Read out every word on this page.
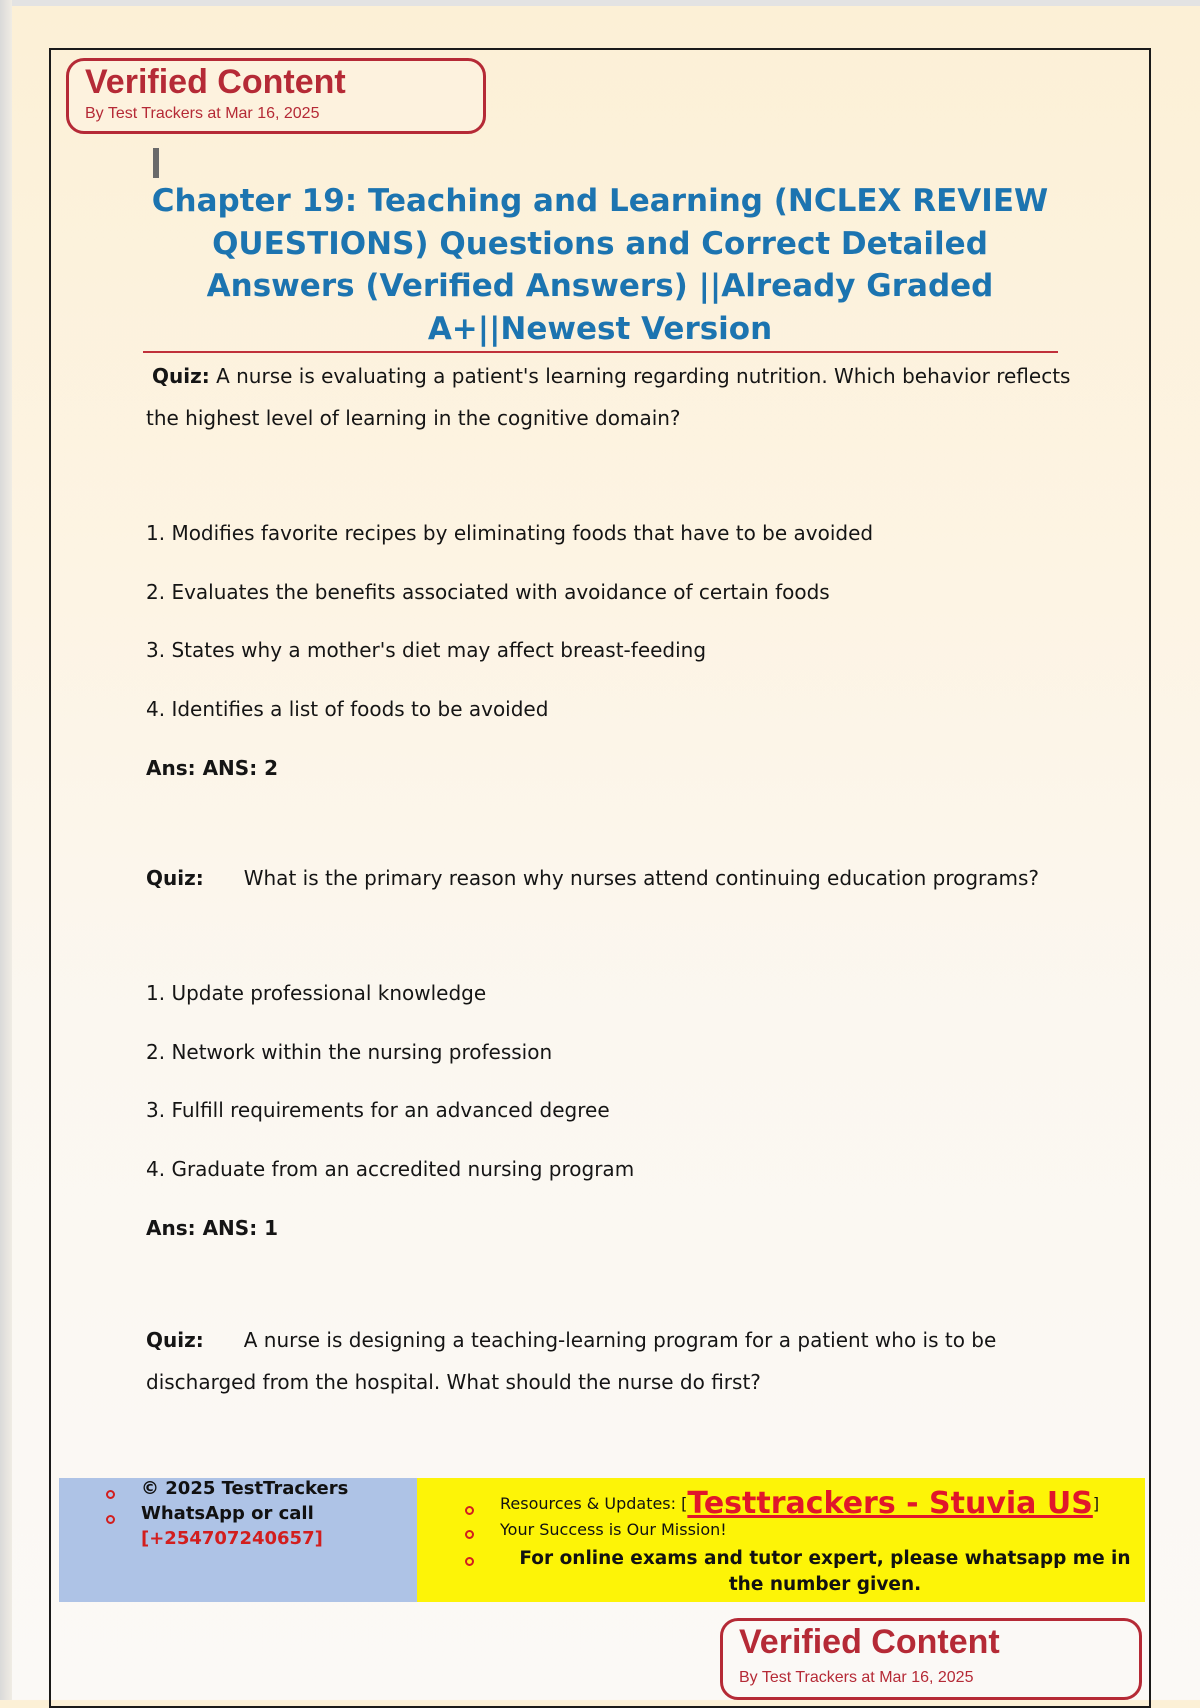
Verified Content
By Test Trackers at Mar 16, 2025
Chapter 19: Teaching and Learning (NCLEX REVIEW QUESTIONS) Questions and Correct Detailed Answers (Verified Answers) ||Already Graded A+||Newest Version

Quiz: A nurse is evaluating a patient's learning regarding nutrition. Which behavior reflects the highest level of learning in the cognitive domain?

1. Modifies favorite recipes by eliminating foods that have to be avoided

2. Evaluates the benefits associated with avoidance of certain foods

3. States why a mother's diet may affect breast-feeding

4. Identifies a list of foods to be avoided

Ans: ANS: 2

Quiz: What is the primary reason why nurses attend continuing education programs?

1. Update professional knowledge

2. Network within the nursing profession

3. Fulfill requirements for an advanced degree

4. Graduate from an accredited nursing program

Ans: ANS: 1

Quiz: A nurse is designing a teaching-learning program for a patient who is to be discharged from the hospital. What should the nurse do first?

© 2025 TestTrackers
WhatsApp or call
[+254707240657]
Resources & Updates: [Testtrackers - Stuvia US]
Your Success is Our Mission!
For online exams and tutor expert, please whatsapp me in the number given.
Verified Content
By Test Trackers at Mar 16, 2025
